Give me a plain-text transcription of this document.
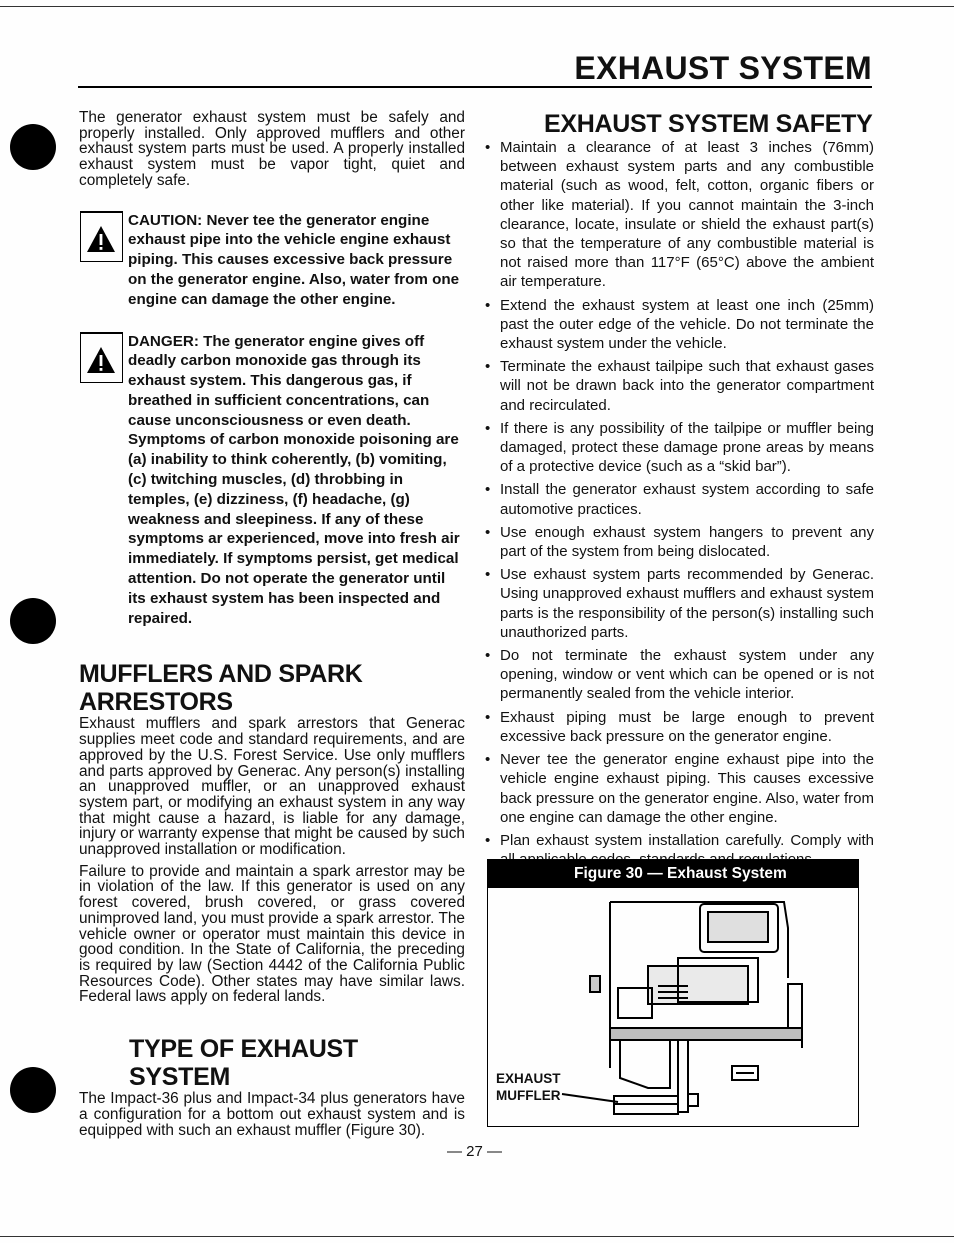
EXHAUST SYSTEM

The generator exhaust system must be safely and properly installed. Only approved mufflers and other exhaust system parts must be used. A properly installed exhaust system must be vapor tight, quiet and completely safe.

CAUTION: Never tee the generator engine exhaust pipe into the vehicle engine exhaust piping. This causes excessive back pressure on the generator engine. Also, water from one engine can damage the other engine.

DANGER: The generator engine gives off deadly carbon monoxide gas through its exhaust system. This dangerous gas, if breathed in sufficient concentrations, can cause unconsciousness or even death. Symptoms of carbon monoxide poisoning are (a) inability to think coherently, (b) vomiting, (c) twitching muscles, (d) throbbing in temples, (e) dizziness, (f) headache, (g) weakness and sleepiness. If any of these symptoms ar experienced, move into fresh air immediately. If symptoms persist, get medical attention. Do not operate the generator until its exhaust system has been inspected and repaired.

MUFFLERS AND SPARK ARRESTORS

Exhaust mufflers and spark arrestors that Generac supplies meet code and standard requirements, and are approved by the U.S. Forest Service. Use only mufflers and parts approved by Generac. Any person(s) installing an unapproved muffler, or an unapproved exhaust system part, or modifying an exhaust system in any way that might cause a hazard, is liable for any damage, injury or warranty expense that might be caused by such unapproved installation or modification.

Failure to provide and maintain a spark arrestor may be in violation of the law. If this generator is used on any forest covered, brush covered, or grass covered unimproved land, you must provide a spark arrestor. The vehicle owner or operator must maintain this device in good condition. In the State of California, the preceding is required by law (Section 4442 of the California Public Resources Code). Other states may have similar laws. Federal laws apply on federal lands.

TYPE OF EXHAUST SYSTEM

The Impact-36 plus and Impact-34 plus generators have a configuration for a bottom out exhaust system and is equipped with such an exhaust muffler (Figure 30).

EXHAUST SYSTEM SAFETY
• Maintain a clearance of at least 3 inches (76mm) between exhaust system parts and any combustible material (such as wood, felt, cotton, organic fibers or other like material). If you cannot maintain the 3-inch clearance, locate, insulate or shield the exhaust part(s) so that the temperature of any combustible material is not raised more than 117°F (65°C) above the ambient air temperature.
• Extend the exhaust system at least one inch (25mm) past the outer edge of the vehicle. Do not terminate the exhaust system under the vehicle.
• Terminate the exhaust tailpipe such that exhaust gases will not be drawn back into the generator compartment and recirculated.
• If there is any possibility of the tailpipe or muffler being damaged, protect these damage prone areas by means of a protective device (such as a “skid bar”).
• Install the generator exhaust system according to safe automotive practices.
• Use enough exhaust system hangers to prevent any part of the system from being dislocated.
• Use exhaust system parts recommended by Generac. Using unapproved exhaust mufflers and exhaust system parts is the responsibility of the person(s) installing such unauthorized parts.
• Do not terminate the exhaust system under any opening, window or vent which can be opened or is not permanently sealed from the vehicle interior.
• Exhaust piping must be large enough to prevent excessive back pressure on the generator engine.
• Never tee the generator engine exhaust pipe into the vehicle engine exhaust piping. This causes excessive back pressure on the generator engine. Also, water from one engine can damage the other engine.
• Plan exhaust system installation carefully. Comply with
Figure 30 — Exhaust System
EXHAUST
MUFFLER
— 27 —
